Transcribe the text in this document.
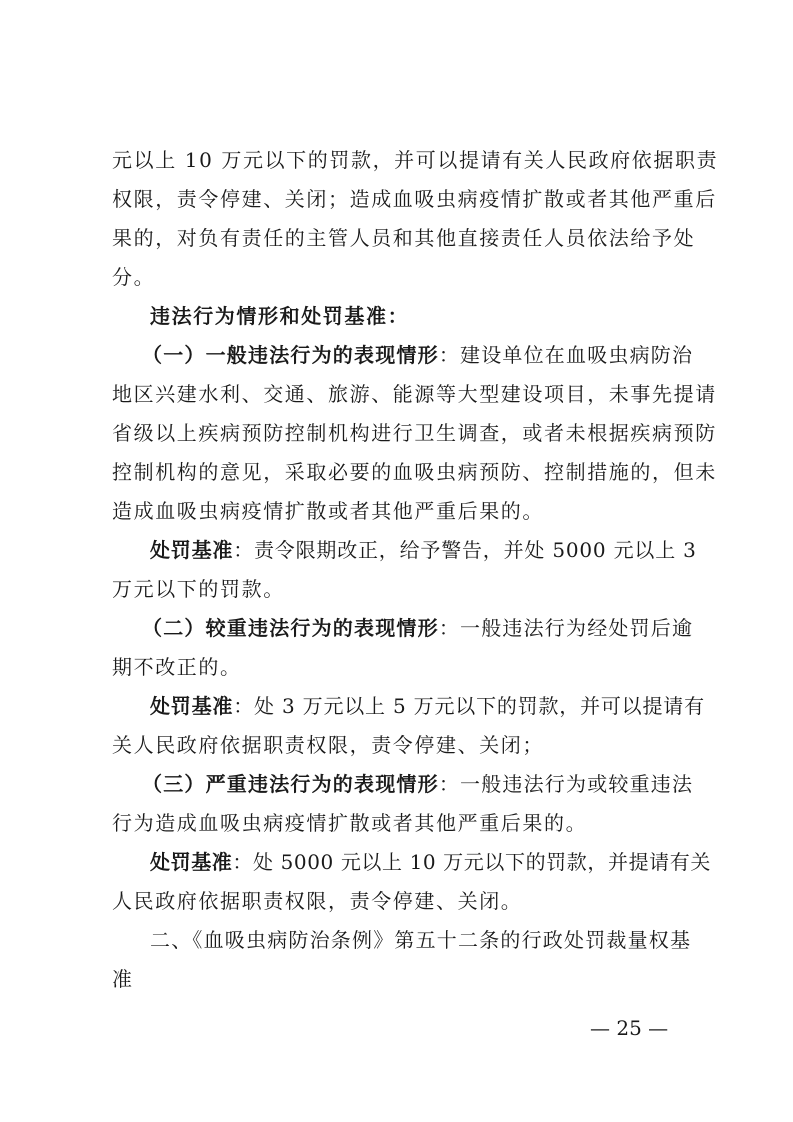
元以上 10 万元以下的罚款，并可以提请有关人民政府依据职责
权限，责令停建、关闭；造成血吸虫病疫情扩散或者其他严重后
果的，对负有责任的主管人员和其他直接责任人员依法给予处
分。
违法行为情形和处罚基准：
（一）一般违法行为的表现情形：建设单位在血吸虫病防治
地区兴建水利、交通、旅游、能源等大型建设项目，未事先提请
省级以上疾病预防控制机构进行卫生调查，或者未根据疾病预防
控制机构的意见，采取必要的血吸虫病预防、控制措施的，但未
造成血吸虫病疫情扩散或者其他严重后果的。
处罚基准：责令限期改正，给予警告，并处 5000 元以上 3
万元以下的罚款。
（二）较重违法行为的表现情形：一般违法行为经处罚后逾
期不改正的。
处罚基准：处 3 万元以上 5 万元以下的罚款，并可以提请有
关人民政府依据职责权限，责令停建、关闭；
（三）严重违法行为的表现情形：一般违法行为或较重违法
行为造成血吸虫病疫情扩散或者其他严重后果的。
处罚基准：处 5000 元以上 10 万元以下的罚款，并提请有关
人民政府依据职责权限，责令停建、关闭。
二、《血吸虫病防治条例》第五十二条的行政处罚裁量权基
准
— 25 —
